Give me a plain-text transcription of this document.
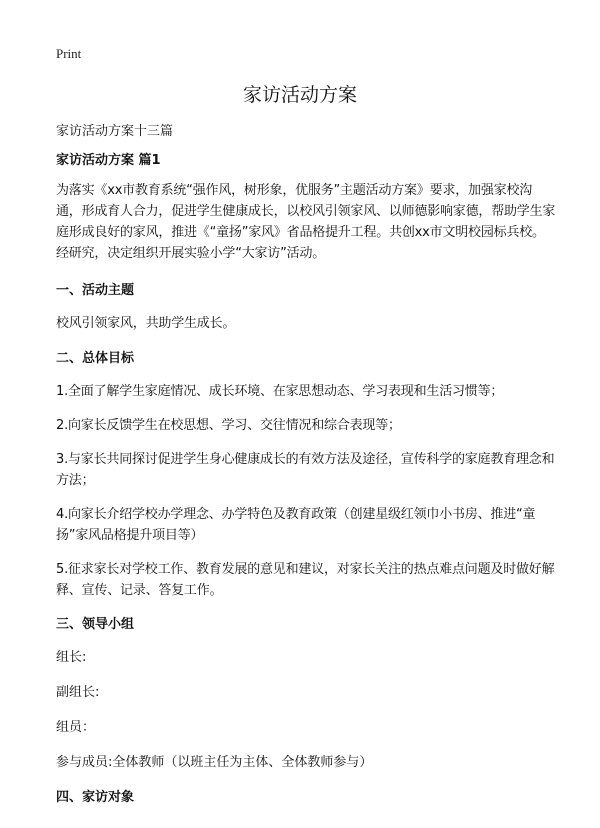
Print
家访活动方案

家访活动方案十三篇

家访活动方案 篇1

为落实《xx市教育系统“强作风，树形象，优服务”主题活动方案》要求，加强家校沟通，形成育人合力，促进学生健康成长，以校风引领家风、以师德影响家德，帮助学生家庭形成良好的家风，推进《“童扬”家风》省品格提升工程。共创xx市文明校园标兵校。经研究，决定组织开展实验小学“大家访”活动。

一、活动主题

校风引领家风，共助学生成长。

二、总体目标

1.全面了解学生家庭情况、成长环境、在家思想动态、学习表现和生活习惯等；

2.向家长反馈学生在校思想、学习、交往情况和综合表现等；

3.与家长共同探讨促进学生身心健康成长的有效方法及途径，宣传科学的家庭教育理念和方法；

4.向家长介绍学校办学理念、办学特色及教育政策（创建星级红领巾小书房、推进“童扬”家风品格提升项目等）

5.征求家长对学校工作、教育发展的意见和建议，对家长关注的热点难点问题及时做好解释、宣传、记录、答复工作。

三、领导小组

组长:

副组长:

组员：

参与成员:全体教师（以班主任为主体、全体教师参与）

四、家访对象
